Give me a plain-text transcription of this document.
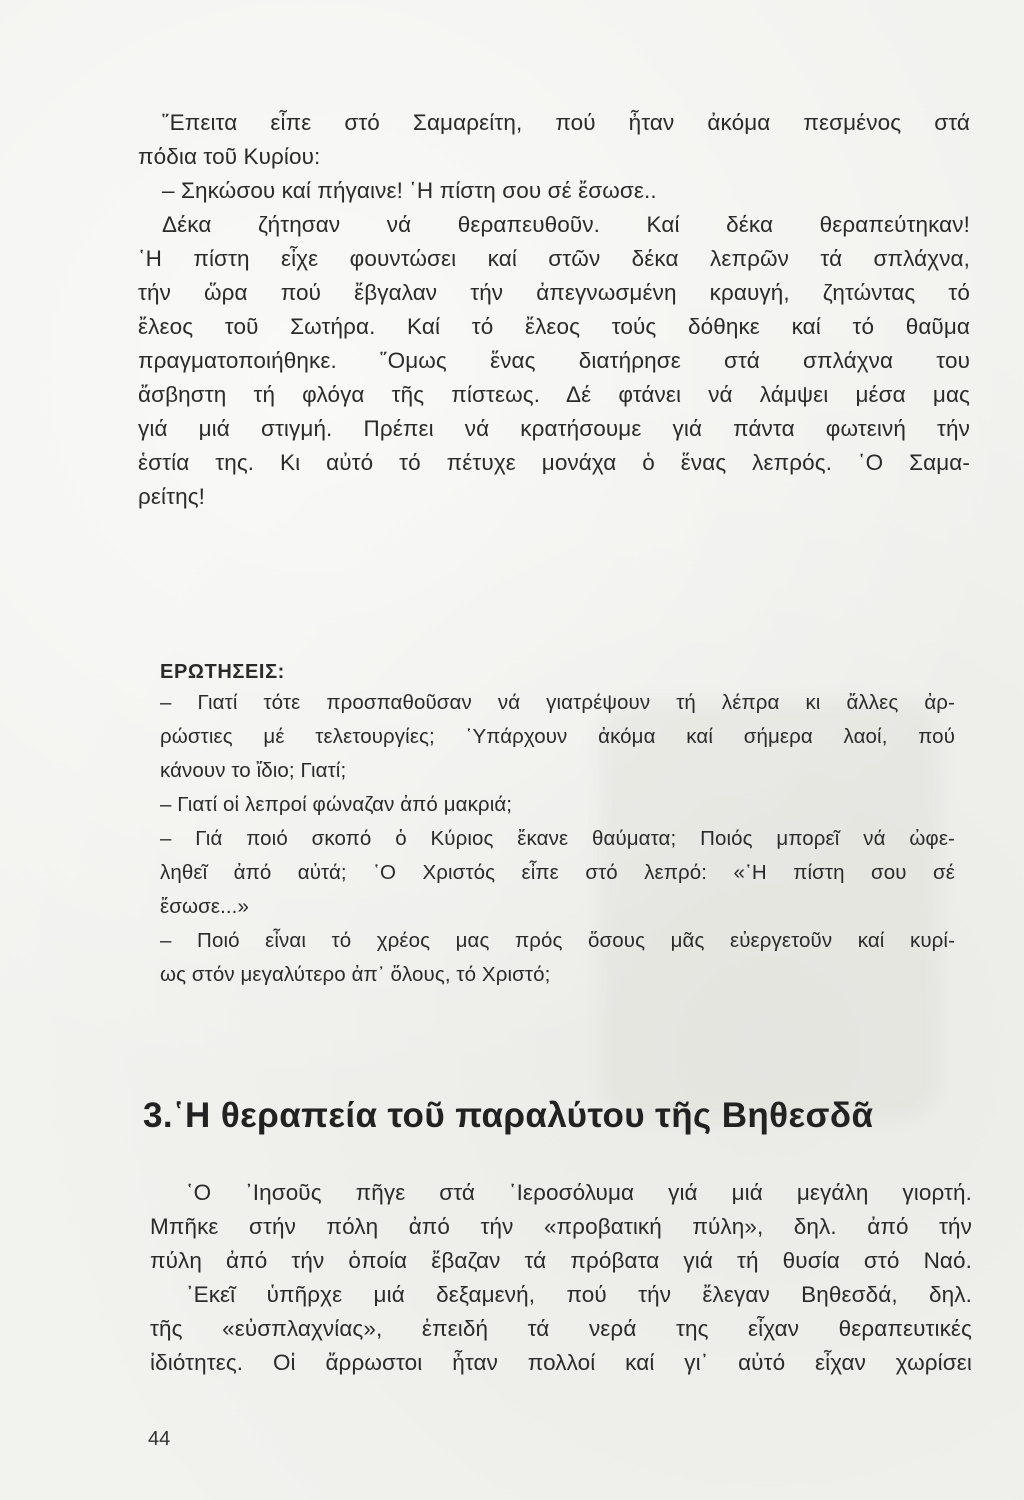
῞Επειτα εἶπε στό Σαμαρείτη, πού ἦταν ἀκόμα πεσμένος στά
πόδια τοῦ Κυρίου:
– Σηκώσου καί πήγαινε! ῾Η πίστη σου σέ ἔσωσε..
Δέκα ζήτησαν νά θεραπευθοῦν. Καί δέκα θεραπεύτηκαν!
῾Η πίστη εἶχε φουντώσει καί στῶν δέκα λεπρῶν τά σπλάχνα,
τήν ὥρα πού ἔβγαλαν τήν ἀπεγνωσμένη κραυγή, ζητώντας τό
ἔλεος τοῦ Σωτήρα. Καί τό ἔλεος τούς δόθηκε καί τό θαῦμα
πραγματοποιήθηκε. ῞Ομως ἕνας διατήρησε στά σπλάχνα του
ἄσβηστη τή φλόγα τῆς πίστεως. Δέ φτάνει νά λάμψει μέσα μας
γιά μιά στιγμή. Πρέπει νά κρατήσουμε γιά πάντα φωτεινή τήν
ἑστία της. Κι αὐτό τό πέτυχε μονάχα ὁ ἕνας λεπρός. ῾Ο Σαμα-
ρείτης!
ΕΡΩΤΗΣΕΙΣ:
– Γιατί τότε προσπαθοῦσαν νά γιατρέψουν τή λέπρα κι ἄλλες ἀρ-
ρώστιες μέ τελετουργίες; ῾Υπάρχουν ἀκόμα καί σήμερα λαοί, πού
κάνουν το ἴδιο; Γιατί;
– Γιατί οἱ λεπροί φώναζαν ἀπό μακριά;
– Γιά ποιό σκοπό ὁ Κύριος ἔκανε θαύματα; Ποιός μπορεῖ νά ὠφε-
ληθεῖ ἀπό αὐτά; ῾Ο Χριστός εἶπε στό λεπρό: «῾Η πίστη σου σέ
ἔσωσε...»
– Ποιό εἶναι τό χρέος μας πρός ὅσους μᾶς εὐεργετοῦν καί κυρί-
ως στόν μεγαλύτερο ἀπ᾿ ὅλους, τό Χριστό;
3.῾Η θεραπεία τοῦ παραλύτου τῆς Βηθεσδᾶ
῾Ο ᾿Ιησοῦς πῆγε στά ῾Ιεροσόλυμα γιά μιά μεγάλη γιορτή.
Μπῆκε στήν πόλη ἀπό τήν «προβατική πύλη», δηλ. ἀπό τήν
πύλη ἀπό τήν ὁποία ἔβαζαν τά πρόβατα γιά τή θυσία στό Ναό.
᾿Εκεῖ ὑπῆρχε μιά δεξαμενή, πού τήν ἔλεγαν Βηθεσδά, δηλ.
τῆς «εὐσπλαχνίας», ἐπειδή τά νερά της εἶχαν θεραπευτικές
ἰδιότητες. Οἱ ἄρρωστοι ἦταν πολλοί καί γι᾿ αὐτό εἶχαν χωρίσει
44
